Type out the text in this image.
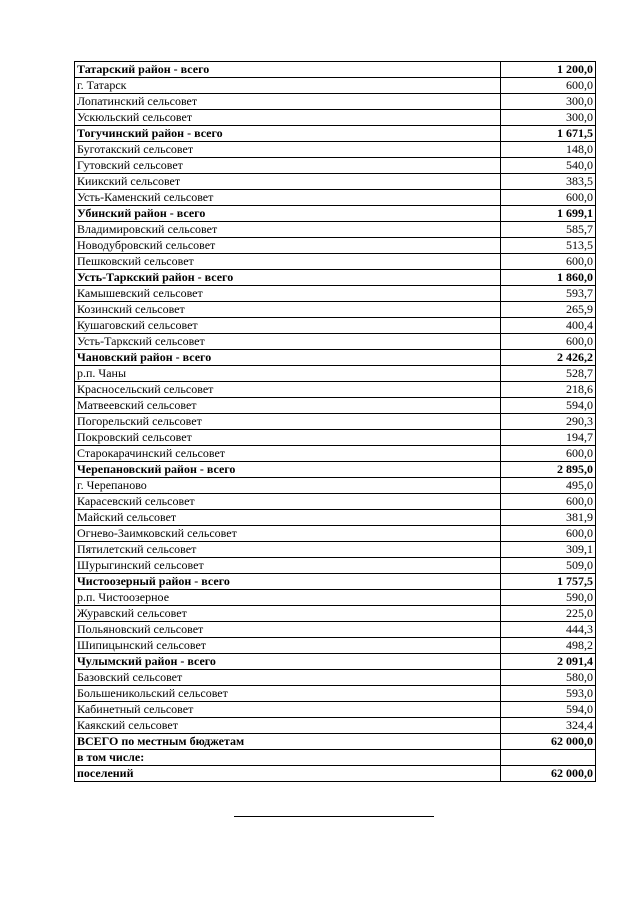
Татарский район - всего	1 200,0
г. Татарск	600,0
Лопатинский сельсовет	300,0
Ускюльский сельсовет	300,0
Тогучинский район - всего	1 671,5
Буготакский сельсовет	148,0
Гутовский сельсовет	540,0
Киикский сельсовет	383,5
Усть-Каменский сельсовет	600,0
Убинский район - всего	1 699,1
Владимировский сельсовет	585,7
Новодубровский сельсовет	513,5
Пешковский сельсовет	600,0
Усть-Таркский район - всего	1 860,0
Камышевский сельсовет	593,7
Козинский сельсовет	265,9
Кушаговский сельсовет	400,4
Усть-Таркский сельсовет	600,0
Чановский район - всего	2 426,2
р.п. Чаны	528,7
Красносельский сельсовет	218,6
Матвеевский сельсовет	594,0
Погорельский сельсовет	290,3
Покровский сельсовет	194,7
Старокарачинский сельсовет	600,0
Черепановский район - всего	2 895,0
г. Черепаново	495,0
Карасевский сельсовет	600,0
Майский сельсовет	381,9
Огнево-Заимковский сельсовет	600,0
Пятилетский сельсовет	309,1
Шурыгинский сельсовет	509,0
Чистоозерный район - всего	1 757,5
р.п. Чистоозерное	590,0
Журавский сельсовет	225,0
Польяновский сельсовет	444,3
Шипицынский сельсовет	498,2
Чулымский район - всего	2 091,4
Базовский сельсовет	580,0
Большеникольский сельсовет	593,0
Кабинетный сельсовет	594,0
Каякский сельсовет	324,4
ВСЕГО по местным бюджетам	62 000,0
в том числе:	
поселений	62 000,0
